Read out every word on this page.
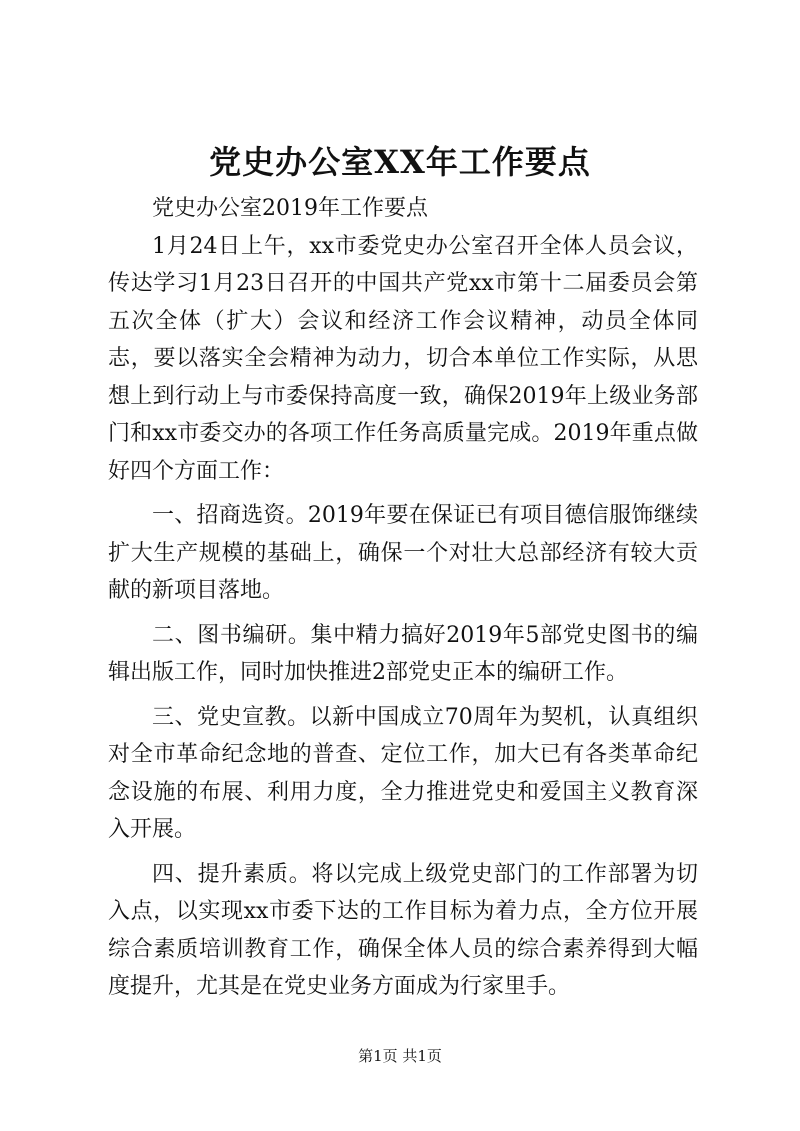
党史办公室XX年工作要点

党史办公室2019年工作要点

1月24日上午，xx市委党史办公室召开全体人员会议，传达学习1月23日召开的中国共产党xx市第十二届委员会第五次全体（扩大）会议和经济工作会议精神，动员全体同志，要以落实全会精神为动力，切合本单位工作实际，从思想上到行动上与市委保持高度一致，确保2019年上级业务部门和xx市委交办的各项工作任务高质量完成。2019年重点做好四个方面工作：

一、招商选资。2019年要在保证已有项目德信服饰继续扩大生产规模的基础上，确保一个对壮大总部经济有较大贡献的新项目落地。

二、图书编研。集中精力搞好2019年5部党史图书的编辑出版工作，同时加快推进2部党史正本的编研工作。

三、党史宣教。以新中国成立70周年为契机，认真组织对全市革命纪念地的普查、定位工作，加大已有各类革命纪念设施的布展、利用力度，全力推进党史和爱国主义教育深入开展。

四、提升素质。将以完成上级党史部门的工作部署为切入点，以实现xx市委下达的工作目标为着力点，全方位开展综合素质培训教育工作，确保全体人员的综合素养得到大幅度提升，尤其是在党史业务方面成为行家里手。

第1页 共1页
